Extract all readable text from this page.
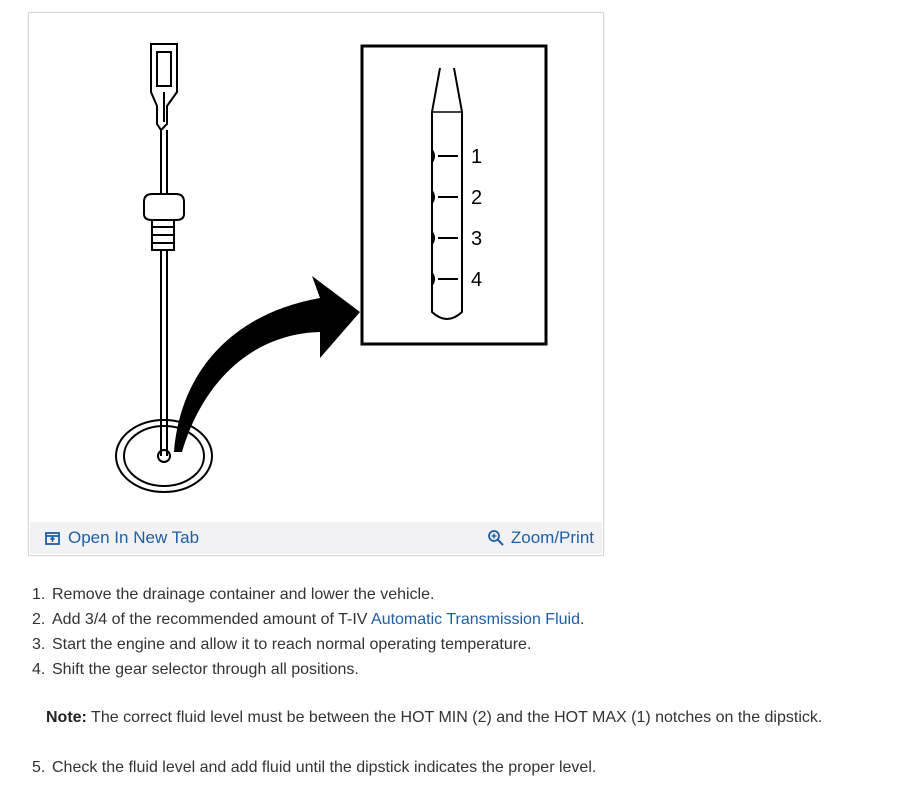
1
2
3
4
Open In New Tab	Zoom/Print
1. Remove the drainage container and lower the vehicle.
2. Add 3/4 of the recommended amount of T-IV Automatic Transmission Fluid.
3. Start the engine and allow it to reach normal operating temperature.
4. Shift the gear selector through all positions.
Note: The correct fluid level must be between the HOT MIN (2) and the HOT MAX (1) notches on the dipstick.
5. Check the fluid level and add fluid until the dipstick indicates the proper level.
